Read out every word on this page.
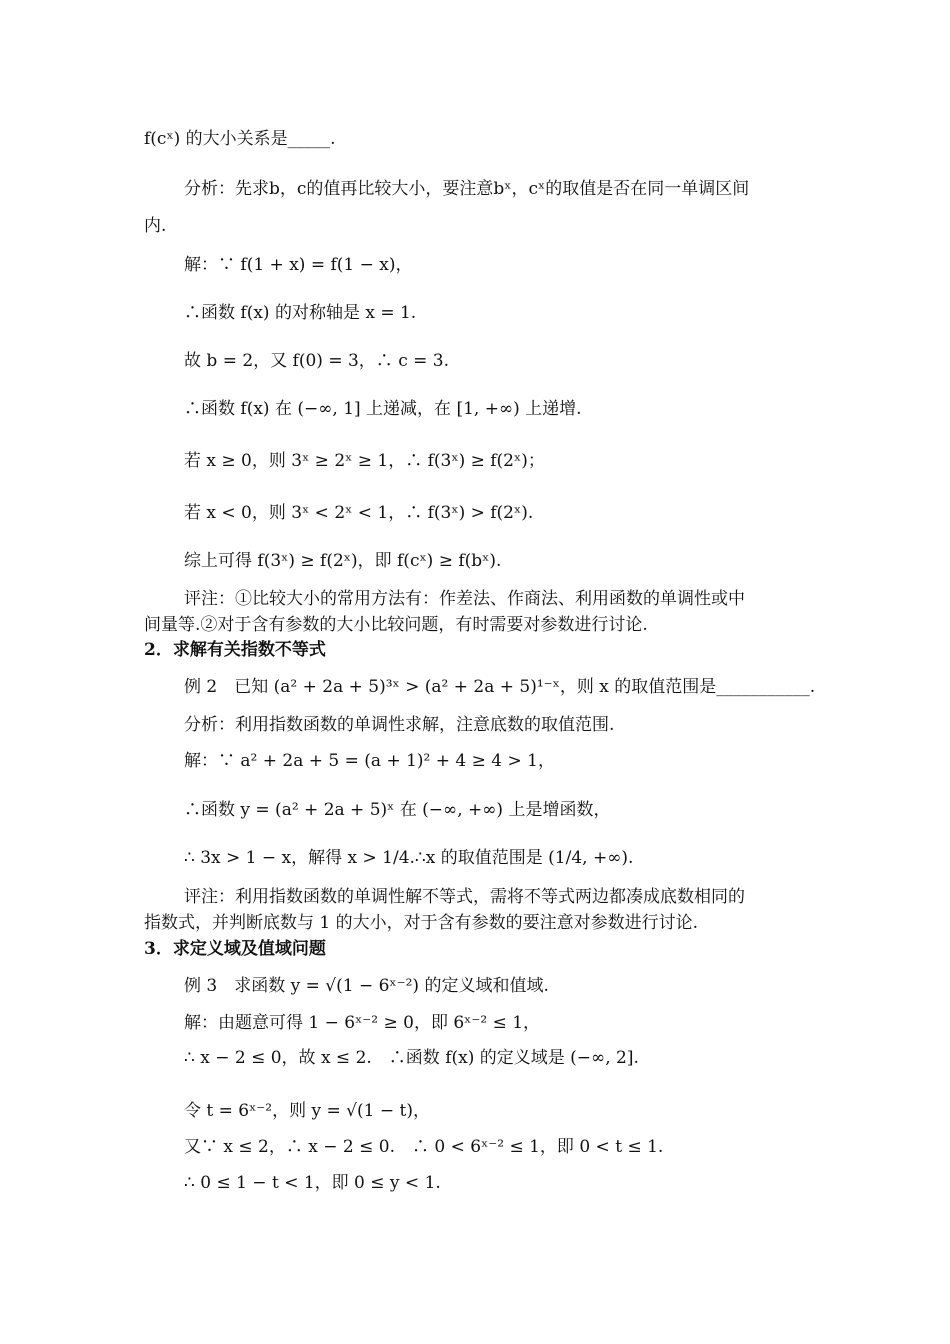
f(cˣ) 的大小关系是_____.
分析：先求b，c的值再比较大小，要注意bˣ，cˣ的取值是否在同一单调区间
内.
解：∵ f(1 + x) = f(1 − x)，
∴函数 f(x) 的对称轴是 x = 1.
故 b = 2，又 f(0) = 3，∴ c = 3.
∴函数 f(x) 在 (−∞, 1] 上递减，在 [1, +∞) 上递增.
若 x ≥ 0，则 3ˣ ≥ 2ˣ ≥ 1，∴ f(3ˣ) ≥ f(2ˣ)；
若 x < 0，则 3ˣ < 2ˣ < 1，∴ f(3ˣ) > f(2ˣ).
综上可得 f(3ˣ) ≥ f(2ˣ)，即 f(cˣ) ≥ f(bˣ).
评注：①比较大小的常用方法有：作差法、作商法、利用函数的单调性或中
间量等.②对于含有参数的大小比较问题，有时需要对参数进行讨论.
2．求解有关指数不等式
例 2　已知 (a² + 2a + 5)³ˣ > (a² + 2a + 5)¹⁻ˣ，则 x 的取值范围是___________.
分析：利用指数函数的单调性求解，注意底数的取值范围.
解：∵ a² + 2a + 5 = (a + 1)² + 4 ≥ 4 > 1，
∴函数 y = (a² + 2a + 5)ˣ 在 (−∞, +∞) 上是增函数，
∴ 3x > 1 − x，解得 x > 1/4.∴x 的取值范围是 (1/4, +∞).
评注：利用指数函数的单调性解不等式，需将不等式两边都凑成底数相同的
指数式，并判断底数与 1 的大小，对于含有参数的要注意对参数进行讨论.
3．求定义域及值域问题
例 3　求函数 y = √(1 − 6ˣ⁻²) 的定义域和值域.
解：由题意可得 1 − 6ˣ⁻² ≥ 0，即 6ˣ⁻² ≤ 1，
∴ x − 2 ≤ 0，故 x ≤ 2.　∴函数 f(x) 的定义域是 (−∞, 2].
令 t = 6ˣ⁻²，则 y = √(1 − t)，
又∵ x ≤ 2，∴ x − 2 ≤ 0.　∴ 0 < 6ˣ⁻² ≤ 1，即 0 < t ≤ 1.
∴ 0 ≤ 1 − t < 1，即 0 ≤ y < 1.
